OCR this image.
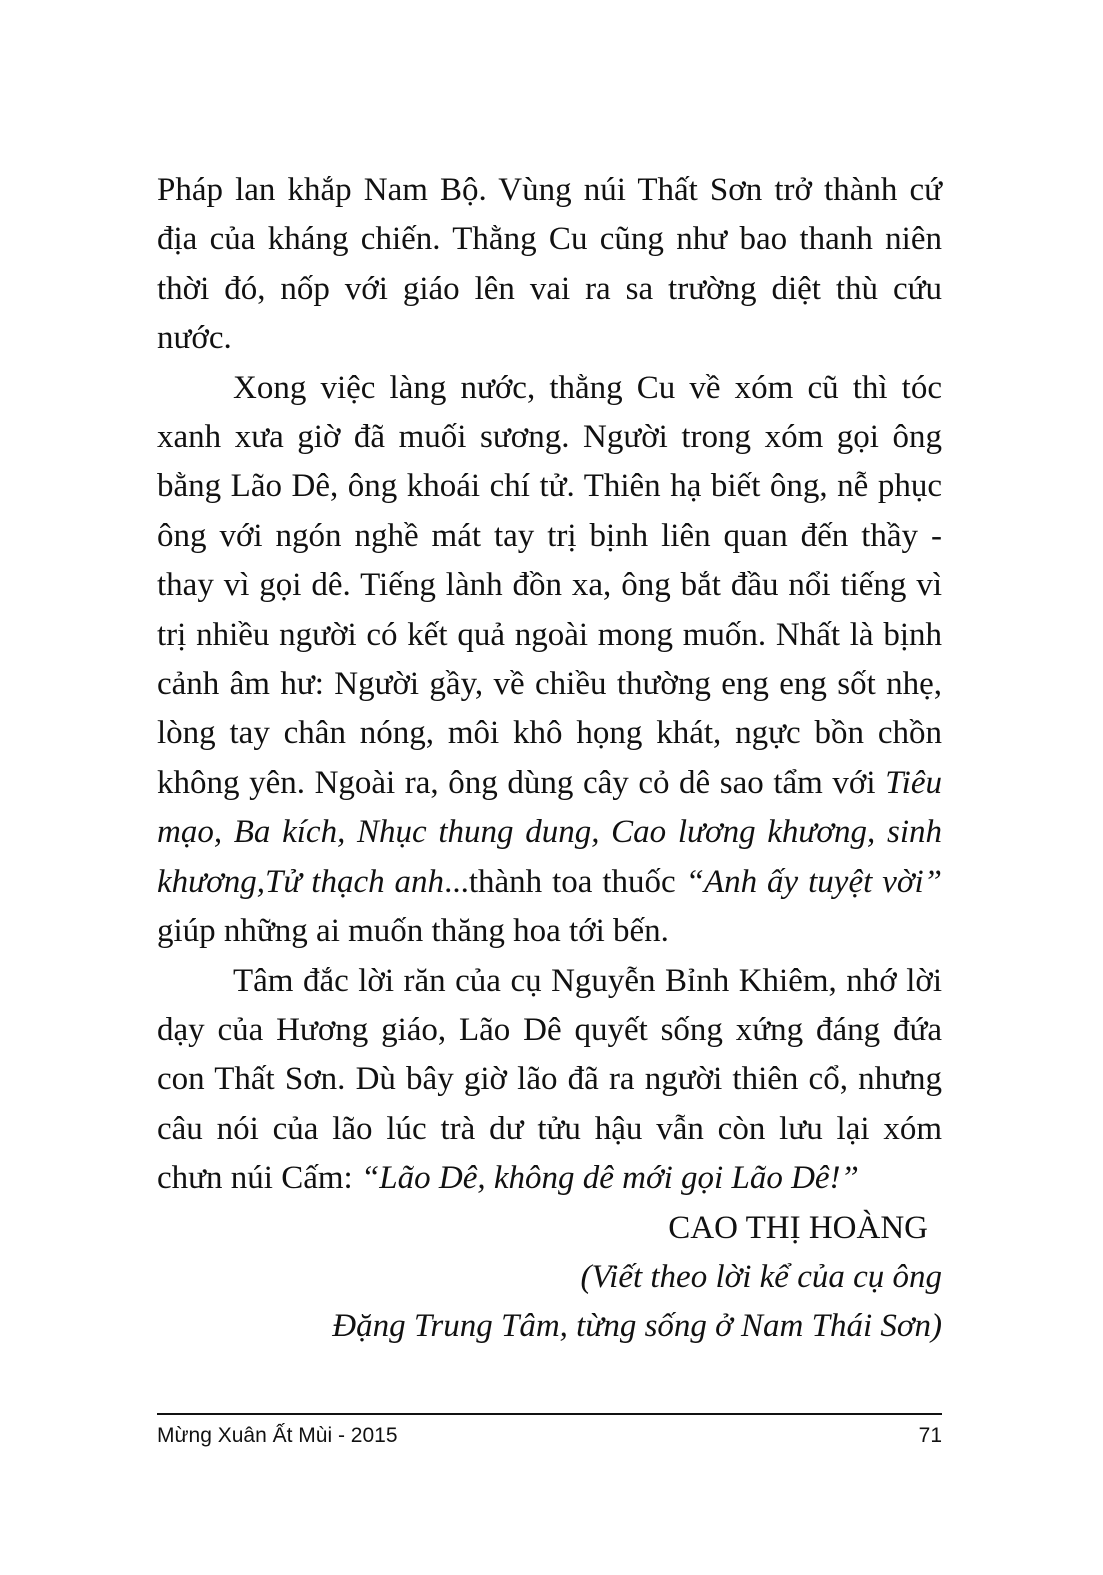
Pháp lan khắp Nam Bộ. Vùng núi Thất Sơn trở thành cứ địa của kháng chiến. Thằng Cu cũng như bao thanh niên thời đó, nốp với giáo lên vai ra sa trường diệt thù cứu nước.

Xong việc làng nước, thằng Cu về xóm cũ thì tóc xanh xưa giờ đã muối sương. Người trong xóm gọi ông bằng Lão Dê, ông khoái chí tử. Thiên hạ biết ông, nễ phục ông với ngón nghề mát tay trị bịnh liên quan đến thầy - thay vì gọi dê. Tiếng lành đồn xa, ông bắt đầu nổi tiếng vì trị nhiều người có kết quả ngoài mong muốn. Nhất là bịnh cảnh âm hư: Người gầy, về chiều thường eng eng sốt nhẹ, lòng tay chân nóng, môi khô họng khát, ngực bồn chồn không yên. Ngoài ra, ông dùng cây cỏ dê sao tẩm với Tiêu mạo, Ba kích, Nhục thung dung, Cao lương khương, sinh khương,Tử thạch anh...thành toa thuốc “Anh ấy tuyệt vời” giúp những ai muốn thăng hoa tới bến.

Tâm đắc lời răn của cụ Nguyễn Bỉnh Khiêm, nhớ lời dạy của Hương giáo, Lão Dê quyết sống xứng đáng đứa con Thất Sơn. Dù bây giờ lão đã ra người thiên cổ, nhưng câu nói của lão lúc trà dư tửu hậu vẫn còn lưu lại xóm chưn núi Cấm: “Lão Dê, không dê mới gọi Lão Dê!”

CAO THỊ HOÀNG

(Viết theo lời kể của cụ ông

Đặng Trung Tâm, từng sống ở Nam Thái Sơn)

Mừng Xuân Ất Mùi - 2015	71
